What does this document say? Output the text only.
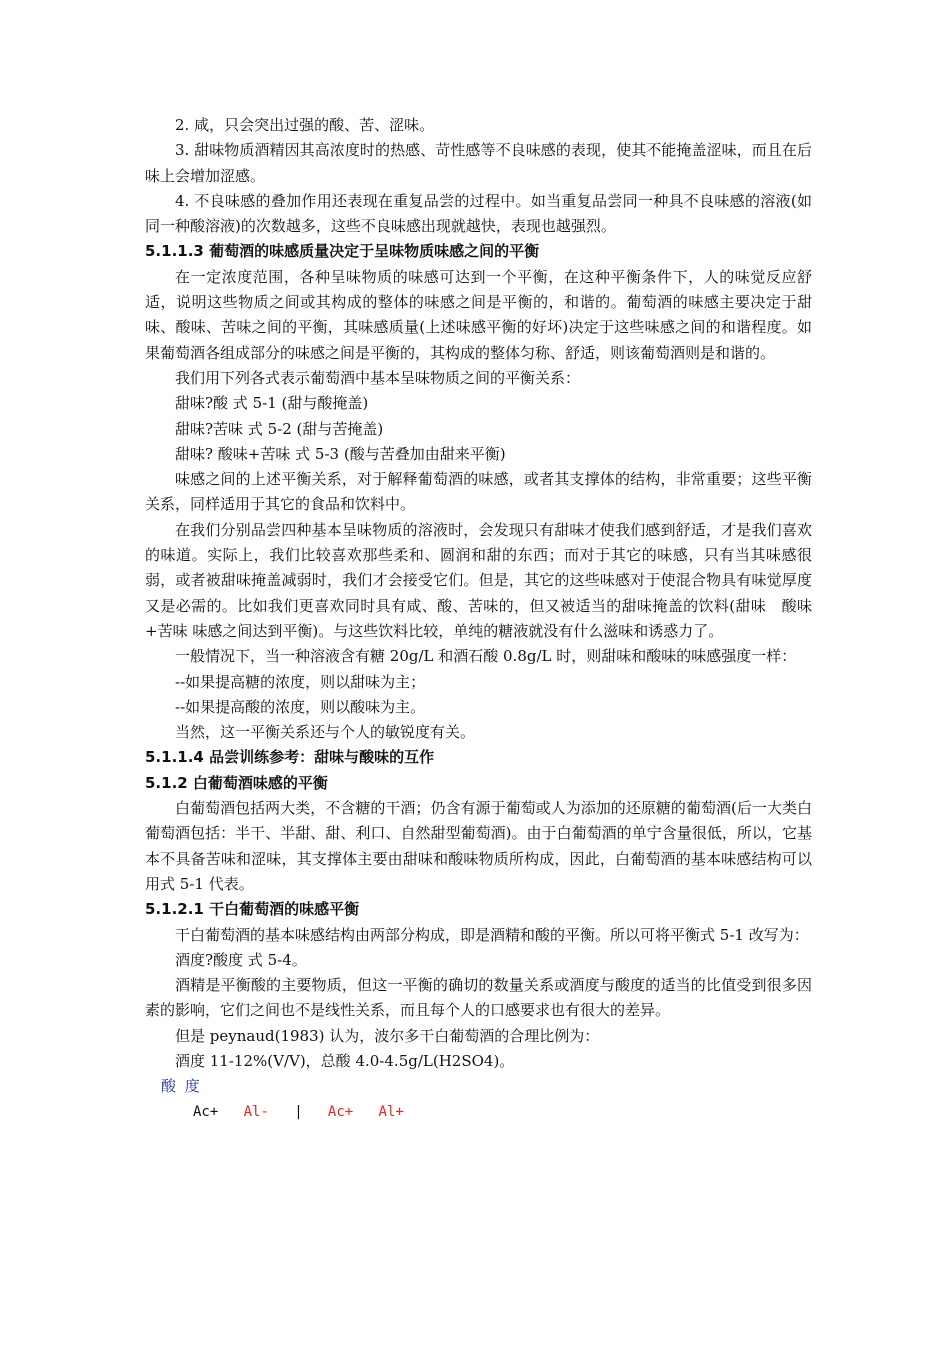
2. 咸，只会突出过强的酸、苦、涩味。

3. 甜味物质酒精因其高浓度时的热感、苛性感等不良味感的表现，使其不能掩盖涩味，而且在后味上会增加涩感。

4. 不良味感的叠加作用还表现在重复品尝的过程中。如当重复品尝同一种具不良味感的溶液(如同一种酸溶液)的次数越多，这些不良味感出现就越快，表现也越强烈。

5.1.1.3 葡萄酒的味感质量决定于呈味物质味感之间的平衡

在一定浓度范围，各种呈味物质的味感可达到一个平衡，在这种平衡条件下，人的味觉反应舒适，说明这些物质之间或其构成的整体的味感之间是平衡的，和谐的。葡萄酒的味感主要决定于甜味、酸味、苦味之间的平衡，其味感质量(上述味感平衡的好坏)决定于这些味感之间的和谐程度。如果葡萄酒各组成部分的味感之间是平衡的，其构成的整体匀称、舒适，则该葡萄酒则是和谐的。

我们用下列各式表示葡萄酒中基本呈味物质之间的平衡关系：

甜味?酸 式 5-1 (甜与酸掩盖)

甜味?苦味 式 5-2 (甜与苦掩盖)

甜味? 酸味+苦味 式 5-3 (酸与苦叠加由甜来平衡)

味感之间的上述平衡关系，对于解释葡萄酒的味感，或者其支撑体的结构，非常重要；这些平衡关系，同样适用于其它的食品和饮料中。

在我们分别品尝四种基本呈味物质的溶液时，会发现只有甜味才使我们感到舒适，才是我们喜欢的味道。实际上，我们比较喜欢那些柔和、圆润和甜的东西；而对于其它的味感，只有当其味感很弱，或者被甜味掩盖减弱时，我们才会接受它们。但是，其它的这些味感对于使混合物具有味觉厚度又是必需的。比如我们更喜欢同时具有咸、酸、苦味的，但又被适当的甜味掩盖的饮料(甜味　酸味+苦味 味感之间达到平衡)。与这些饮料比较，单纯的糖液就没有什么滋味和诱惑力了。

一般情况下，当一种溶液含有糖 20g/L 和酒石酸 0.8g/L 时，则甜味和酸味的味感强度一样：

--如果提高糖的浓度，则以甜味为主；

--如果提高酸的浓度，则以酸味为主。

当然，这一平衡关系还与个人的敏锐度有关。

5.1.1.4 品尝训练参考：甜味与酸味的互作

5.1.2 白葡萄酒味感的平衡

白葡萄酒包括两大类，不含糖的干酒；仍含有源于葡萄或人为添加的还原糖的葡萄酒(后一大类白葡萄酒包括：半干、半甜、甜、利口、自然甜型葡萄酒)。由于白葡萄酒的单宁含量很低，所以，它基本不具备苦味和涩味，其支撑体主要由甜味和酸味物质所构成，因此，白葡萄酒的基本味感结构可以用式 5-1 代表。

5.1.2.1 干白葡萄酒的味感平衡

干白葡萄酒的基本味感结构由两部分构成，即是酒精和酸的平衡。所以可将平衡式 5-1 改写为：

酒度?酸度 式 5-4。

酒精是平衡酸的主要物质，但这一平衡的确切的数量关系或酒度与酸度的适当的比值受到很多因素的影响，它们之间也不是线性关系，而且每个人的口感要求也有很大的差异。

但是 peynaud(1983) 认为，波尔多干白葡萄酒的合理比例为：

酒度 11-12%(V/V)，总酸 4.0-4.5g/L(H2SO4)。

酸 度

Ac+ Al- | Ac+ Al+
